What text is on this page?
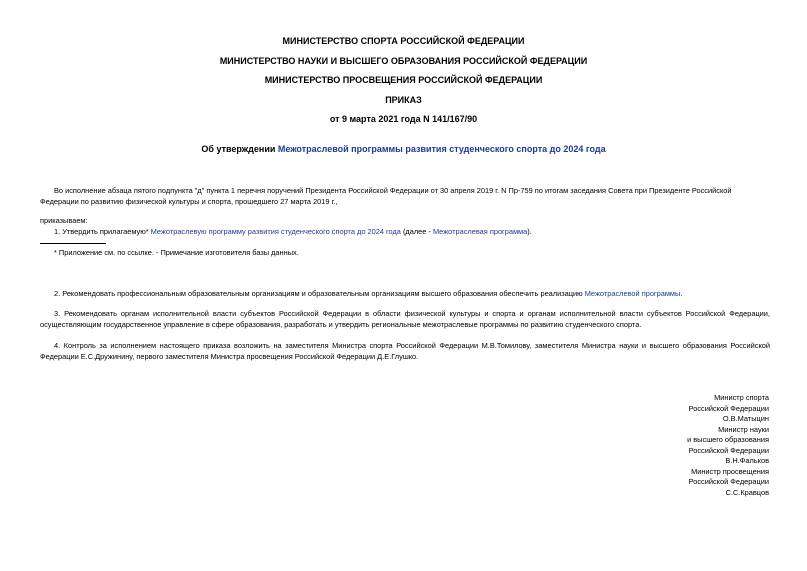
МИНИСТЕРСТВО СПОРТА РОССИЙСКОЙ ФЕДЕРАЦИИ
МИНИСТЕРСТВО НАУКИ И ВЫСШЕГО ОБРАЗОВАНИЯ РОССИЙСКОЙ ФЕДЕРАЦИИ
МИНИСТЕРСТВО ПРОСВЕЩЕНИЯ РОССИЙСКОЙ ФЕДЕРАЦИИ
ПРИКАЗ
от 9 марта 2021 года N 141/167/90
Об утверждении Межотраслевой программы развития студенческого спорта до 2024 года
Во исполнение абзаца пятого подпункта "д" пункта 1 перечня поручений Президента Российской Федерации от 30 апреля 2019 г. N Пр-759 по итогам заседания Совета при Президенте Российской Федерации по развитию физической культуры и спорта, прошедшего 27 марта 2019 г.,
приказываем:
1. Утвердить прилагаемую* Межотраслевую программу развития студенческого спорта до 2024 года (далее - Межотраслевая программа).
* Приложение см. по ссылке. - Примечание изготовителя базы данных.
2. Рекомендовать профессиональным образовательным организациям и образовательным организациям высшего образования обеспечить реализацию Межотраслевой программы.
3. Рекомендовать органам исполнительной власти субъектов Российской Федерации в области физической культуры и спорта и органам исполнительной власти субъектов Российской Федерации, осуществляющим государственное управление в сфере образования, разработать и утвердить региональные межотраслевые программы по развитию студенческого спорта.
4. Контроль за исполнением настоящего приказа возложить на заместителя Министра спорта Российской Федерации М.В.Томилову, заместителя Министра науки и высшего образования Российской Федерации Е.С.Дружинину, первого заместителя Министра просвещения Российской Федерации Д.Е.Глушко.
Министр спорта
Российской Федерации
О.В.Матыцин
Министр науки
и высшего образования
Российской Федерации
В.Н.Фальков
Министр просвещения
Российской Федерации
С.С.Кравцов
